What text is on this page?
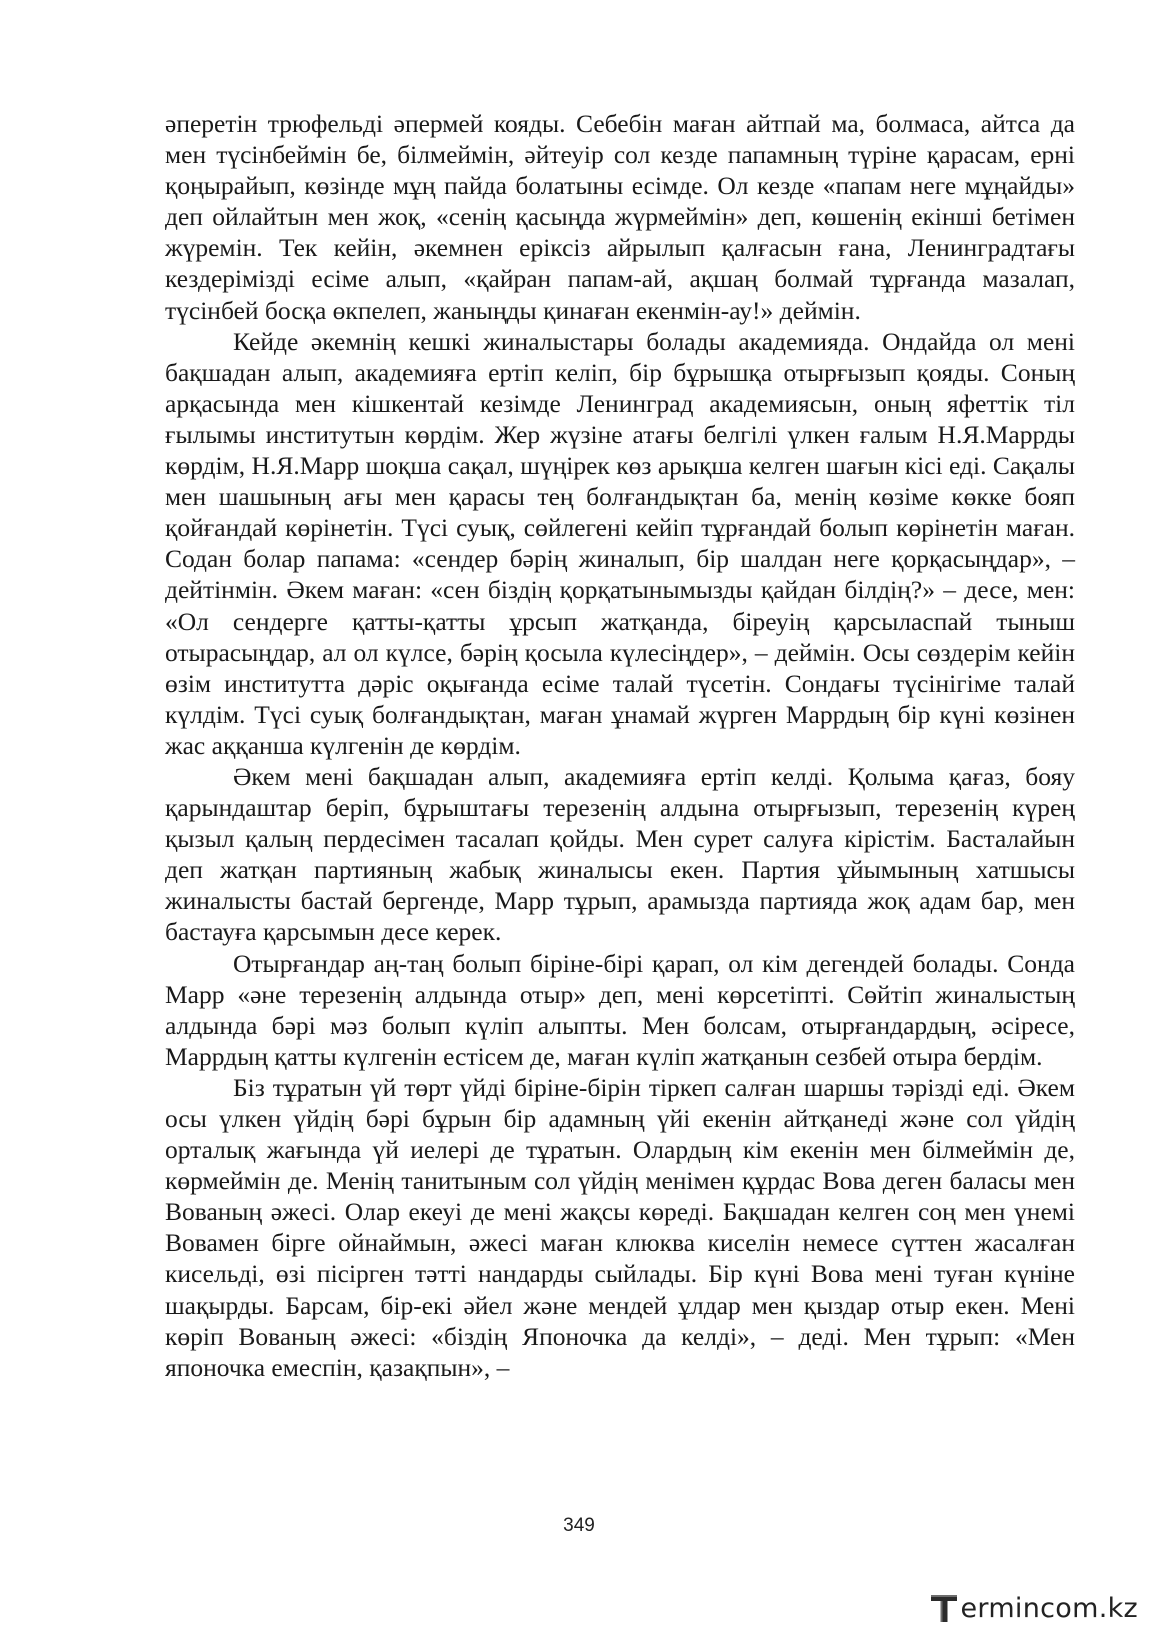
әперетін трюфельді әпермей кояды. Себебін маған айтпай ма, болмаса, айтса да мен түсінбеймін бе, білмеймін, әйтеуір сол кезде папамның түріне қарасам, ерні қоңырайып, көзінде мұң пайда болатыны есімде. Ол кезде «папам неге мұңайды» деп ойлайтын мен жоқ, «сенің қасыңда жүрмеймін» деп, көшенің екінші бетімен жүремін. Тек кейін, әкемнен еріксіз айрылып қалғасын ғана, Ленинградтағы кездерімізді есіме алып, «қайран папам-ай, ақшаң болмай тұрғанда мазалап, түсінбей босқа өкпелеп, жаныңды қинаған екенмін-ау!» деймін.

Кейде әкемнің кешкі жиналыстары болады академияда. Ондайда ол мені бақшадан алып, академияға ертіп келіп, бір бұрышқа отырғызып қояды. Соның арқасында мен кішкентай кезімде Ленинград академиясын, оның яфеттік тіл ғылымы институтын көрдім. Жер жүзіне атағы белгілі үлкен ғалым Н.Я.Маррды көрдім, Н.Я.Марр шоқша сақал, шүңірек көз арықша келген шағын кісі еді. Сақалы мен шашының ағы мен қарасы тең болғандықтан ба, менің көзіме көкке бояп қойғандай көрінетін. Түсі суық, сөйлегені кейіп тұрғандай болып көрінетін маған. Содан болар папама: «сендер бәрің жиналып, бір шалдан неге қорқасыңдар», – дейтінмін. Әкем маған: «сен біздің қорқатынымызды қайдан білдің?» – десе, мен: «Ол сендерге қатты-қатты ұрсып жатқанда, біреуің қарсыласпай тыныш отырасыңдар, ал ол күлсе, бәрің қосыла күлесіңдер», – деймін. Осы сөздерім кейін өзім институтта дәріс оқығанда есіме талай түсетін. Сондағы түсінігіме талай күлдім. Түсі суық болғандықтан, маған ұнамай жүрген Маррдың бір күні көзінен жас аққанша күлгенін де көрдім.

Әкем мені бақшадан алып, академияға ертіп келді. Қолыма қағаз, бояу қарындаштар беріп, бұрыштағы терезенің алдына отырғызып, терезенің күрең қызыл қалың пердесімен тасалап қойды. Мен сурет салуға кірістім. Басталайын деп жатқан партияның жабық жиналысы екен. Партия ұйымының хатшысы жиналысты бастай бергенде, Марр тұрып, арамызда партияда жоқ адам бар, мен бастауға қарсымын десе керек.

Отырғандар аң-таң болып біріне-бірі қарап, ол кім дегендей болады. Сонда Марр «әне терезенің алдында отыр» деп, мені көрсетіпті. Сөйтіп жиналыстың алдында бәрі мәз болып күліп алыпты. Мен болсам, отырғандардың, әсіресе, Маррдың қатты күлгенін естісем де, маған күліп жатқанын сезбей отыра бердім.

Біз тұратын үй төрт үйді біріне-бірін тіркеп салған шаршы тәрізді еді. Әкем осы үлкен үйдің бәрі бұрын бір адамның үйі екенін айтқанеді және сол үйдің орталық жағында үй иелері де тұратын. Олардың кім екенін мен білмеймін де, көрмеймін де. Менің танитыным сол үйдің менімен құрдас Вова деген баласы мен Вованың әжесі. Олар екеуі де мені жақсы көреді. Бақшадан келген соң мен үнемі Вовамен бірге ойнаймын, әжесі маған клюква киселін немесе сүттен жасалған кисельді, өзі пісірген тәтті нандарды сыйлады. Бір күні Вова мені туған күніне шақырды. Барсам, бір-екі әйел және мендей ұлдар мен қыздар отыр екен. Мені көріп Вованың әжесі: «біздің Японочка да келді», – деді. Мен тұрып: «Мен японочка емеспін, қазақпын», –

349
ermincom.kz
